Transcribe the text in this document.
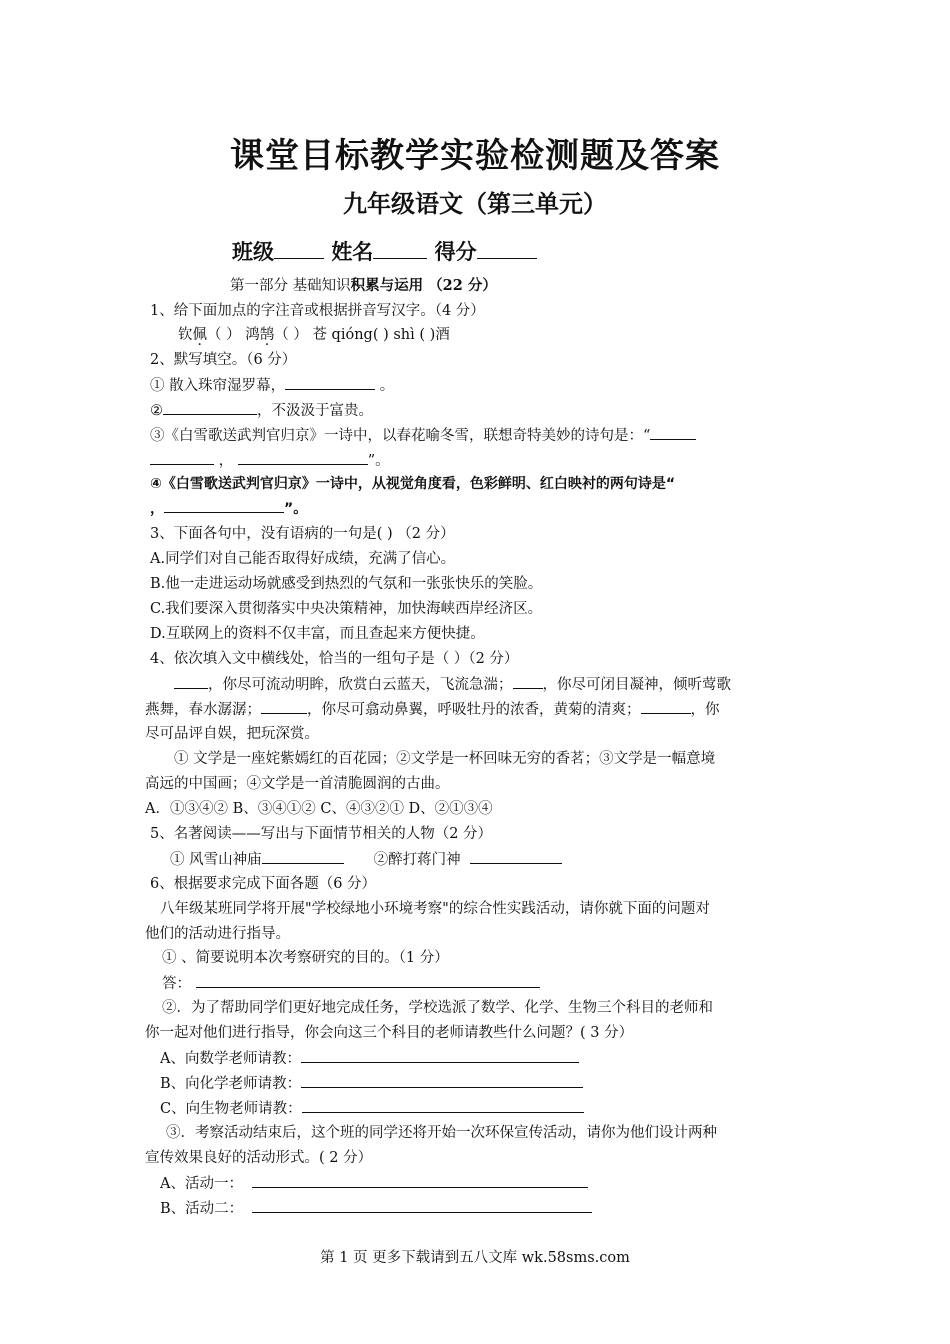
课堂目标教学实验检测题及答案
九年级语文（第三单元）
班级	姓名	得分
第一部分 基础知识积累与运用 （22 分）
1、给下面加点的字注音或根据拼音写汉字。（4 分）
钦佩（ ） 鸿鹄（ ） 苍 qióng( ) shì ( )酒
2、默写填空。（6 分）
① 散入珠帘湿罗幕，	。
②	，不汲汲于富贵。
③《白雪歌送武判官归京》一诗中，以春花喻冬雪，联想奇特美妙的诗句是：“
，	”。
④《白雪歌送武判官归京》一诗中，从视觉角度看，色彩鲜明、红白映衬的两句诗是“
，	”。
3、下面各句中，没有语病的一句是( ) （2 分）
A.同学们对自己能否取得好成绩，充满了信心。
B.他一走进运动场就感受到热烈的气氛和一张张快乐的笑脸。
C.我们要深入贯彻落实中央决策精神，加快海峡西岸经济区。
D.互联网上的资料不仅丰富，而且查起来方便快捷。
4、依次填入文中横线处，恰当的一组句子是（ ）（2 分）
，你尽可流动明眸，欣赏白云蓝天，飞流急湍； ，你尽可闭目凝神，倾听莺歌
燕舞，春水潺潺；	，你尽可翕动鼻翼，呼吸牡丹的浓香，黄菊的清爽；	，你
尽可品评自娱，把玩深赏。
① 文学是一座姹紫嫣红的百花园；②文学是一杯回味无穷的香茗；③文学是一幅意境
高远的中国画；④文学是一首清脆圆润的古曲。
A．①③④② B、③④①② C、④③②① D、②①③④
5、名著阅读——写出与下面情节相关的人物（2 分）
① 风雪山神庙	②醉打蒋门神
6、根据要求完成下面各题（6 分）
八年级某班同学将开展"学校绿地小环境考察"的综合性实践活动，请你就下面的问题对
他们的活动进行指导。
① 、简要说明本次考察研究的目的。（1 分）
答：
②．为了帮助同学们更好地完成任务，学校选派了数学、化学、生物三个科目的老师和
你一起对他们进行指导，你会向这三个科目的老师请教些什么问题？( 3 分）
A、向数学老师请教：
B、向化学老师请教：
C、向生物老师请教：
③．考察活动结束后，这个班的同学还将开始一次环保宣传活动，请你为他们设计两种
宣传效果良好的活动形式。( 2 分）
A、活动一：
B、活动二：
第 1 页 更多下载请到五八文库 wk.58sms.com
